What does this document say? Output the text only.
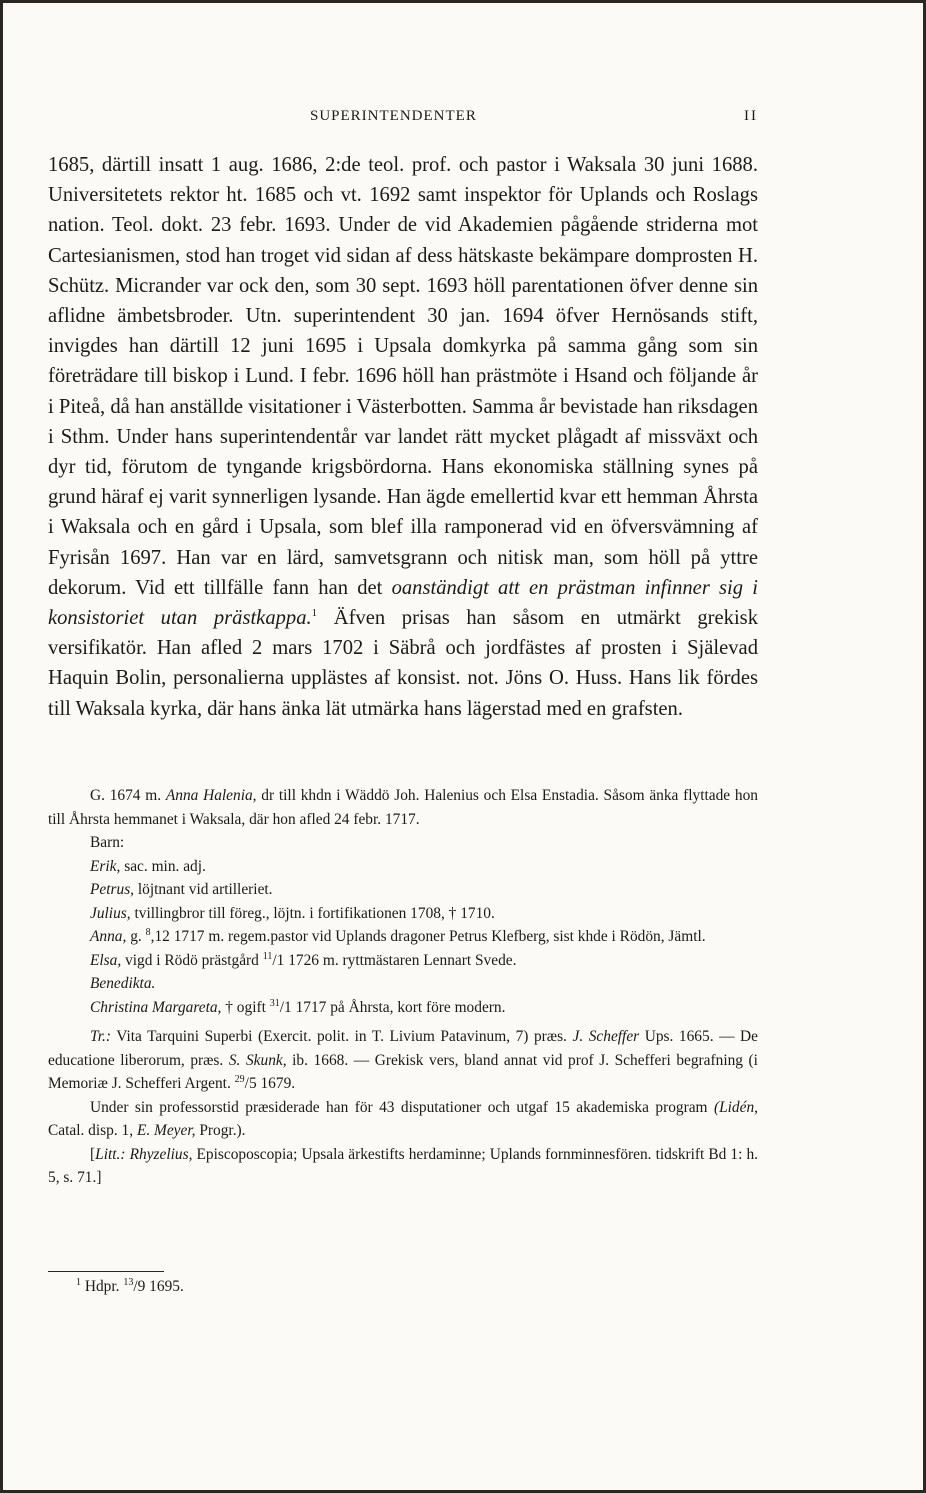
SUPERINTENDENTER	II

1685, därtill insatt 1 aug. 1686, 2:de teol. prof. och pastor i Waksala 30 juni 1688. Universitetets rektor ht. 1685 och vt. 1692 samt inspektor för Uplands och Roslags nation. Teol. dokt. 23 febr. 1693. Under de vid Akademien pågående striderna mot Cartesianismen, stod han troget vid sidan af dess hätskaste bekämpare domprosten H. Schütz. Micrander var ock den, som 30 sept. 1693 höll parentationen öfver denne sin aflidne ämbetsbroder. Utn. superintendent 30 jan. 1694 öfver Hernösands stift, invigdes han därtill 12 juni 1695 i Upsala domkyrka på samma gång som sin företrädare till biskop i Lund. I febr. 1696 höll han prästmöte i Hsand och följande år i Piteå, då han anställde visitationer i Västerbotten. Samma år bevistade han riksdagen i Sthm. Under hans superintendentår var landet rätt mycket plågadt af missväxt och dyr tid, förutom de tyngande krigsbördorna. Hans ekonomiska ställning synes på grund häraf ej varit synnerligen lysande. Han ägde emellertid kvar ett hemman Åhrsta i Waksala och en gård i Upsala, som blef illa ramponerad vid en öfversvämning af Fyrisån 1697. Han var en lärd, samvetsgrann och nitisk man, som höll på yttre dekorum. Vid ett tillfälle fann han det oanständigt att en prästman infinner sig i konsistoriet utan prästkappa.$^1$ Äfven prisas han såsom en utmärkt grekisk versifikatör. Han afled 2 mars 1702 i Säbrå och jordfästes af prosten i Själevad Haquin Bolin, personalierna upplästes af konsist. not. Jöns O. Huss. Hans lik fördes till Waksala kyrka, där hans änka lät utmärka hans lägerstad med en grafsten.

G. 1674 m. Anna Halenia, dr till khdn i Wäddö Joh. Halenius och Elsa Enstadia. Såsom änka flyttade hon till Åhrsta hemmanet i Waksala, där hon afled 24 febr. 1717.

Barn:

Erik, sac. min. adj.

Petrus, löjtnant vid artilleriet.

Julius, tvillingbror till föreg., löjtn. i fortifikationen 1708, † 1710.

Anna, g. $^8$,12 1717 m. regem.pastor vid Uplands dragoner Petrus Klefberg, sist khde i Rödön, Jämtl.

Elsa, vigd i Rödö prästgård $^{11}$/1 1726 m. ryttmästaren Lennart Svede.

Benedikta.

Christina Margareta, † ogift $^{31}$/1 1717 på Åhrsta, kort före modern.

Tr.: Vita Tarquini Superbi (Exercit. polit. in T. Livium Patavinum, 7) præs. J. Scheffer Ups. 1665. — De educatione liberorum, præs. S. Skunk, ib. 1668. — Grekisk vers, bland annat vid prof J. Schefferi begrafning (i Memoriæ J. Schefferi Argent. $^{29}$/5 1679.

Under sin professorstid præsiderade han för 43 disputationer och utgaf 15 akademiska program (Lidén, Catal. disp. 1, E. Meyer, Progr.).

[Litt.: Rhyzelius, Episcoposcopia; Upsala ärkestifts herdaminne; Uplands fornminnesfören. tidskrift Bd 1: h. 5, s. 71.]

$^1$ Hdpr. $^{13}$/9 1695.
